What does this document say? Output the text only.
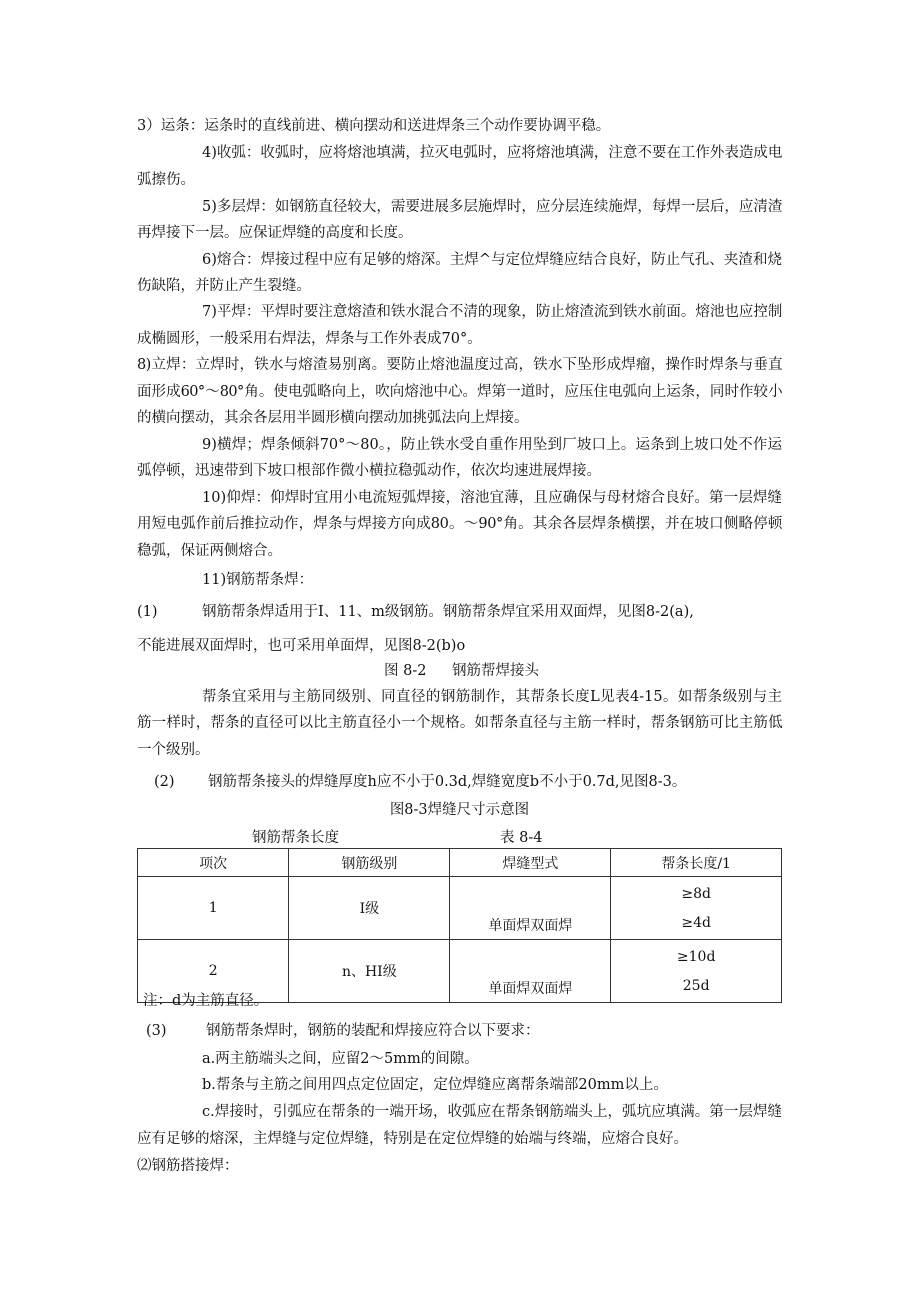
3）运条：运条时的直线前进、横向摆动和送进焊条三个动作要协调平稳。
4)收弧：收弧时，应将熔池填满，拉灭电弧时，应将熔池填满，注意不要在工作外表造成电
弧擦伤。
5)多层焊：如钢筋直径较大，需要进展多层施焊时，应分层连续施焊，每焊一层后，应清渣
再焊接下一层。应保证焊缝的高度和长度。
6)熔合：焊接过程中应有足够的熔深。主焊^与定位焊缝应结合良好，防止气孔、夹渣和烧
伤缺陷，并防止产生裂缝。
7)平焊：平焊时要注意熔渣和铁水混合不清的现象，防止熔渣流到铁水前面。熔池也应控制
成椭圆形，一般采用右焊法，焊条与工作外表成70°。
8)立焊：立焊时，铁水与熔渣易别离。要防止熔池温度过高，铁水下坠形成焊瘤，操作时焊条与垂直
面形成60°～80°角。使电弧略向上，吹向熔池中心。焊第一道时，应压住电弧向上运条，同时作较小
的横向摆动，其余各层用半圆形横向摆动加挑弧法向上焊接。
9)横焊；焊条倾斜70°～80。，防止铁水受自重作用坠到厂坡口上。运条到上坡口处不作运
弧停顿，迅速带到下坡口根部作微小横拉稳弧动作，依次均速进展焊接。
10)仰焊：仰焊时宜用小电流短弧焊接，溶池宜薄，且应确保与母材熔合良好。第一层焊缝
用短电弧作前后推拉动作，焊条与焊接方向成80。～90°角。其余各层焊条横摆，并在坡口侧略停顿
稳弧，保证两侧熔合。
11)钢筋帮条焊：
(1)	钢筋帮条焊适用于I、11、m级钢筋。钢筋帮条焊宜采用双面焊，见图8-2(a),
不能进展双面焊时，也可采用单面焊，见图8-2(b)o
图 8-2	钢筋帮焊接头
帮条宜采用与主筋同级别、同直径的钢筋制作，其帮条长度L见表4-15。如帮条级别与主
筋一样时，帮条的直径可以比主筋直径小一个规格。如帮条直径与主筋一样时，帮条钢筋可比主筋低
一个级别。
(2)	钢筋帮条接头的焊缝厚度h应不小于0.3d,焊缝宽度b不小于0.7d,见图8-3。
图8-3焊缝尺寸示意图
钢筋帮条长度	表 8-4
项次	钢筋级别	焊缝型式	帮条长度/1
1	I级	单面焊双面焊	≥8d
≥4d

2	n、HI级	单面焊双面焊	≥10d
25d
注：d为主筋直径。
(3)	钢筋帮条焊时，钢筋的装配和焊接应符合以下要求：
a.两主筋端头之间，应留2～5mm的间隙。
b.帮条与主筋之间用四点定位固定，定位焊缝应离帮条端部20mm以上。
c.焊接时，引弧应在帮条的一端开场，收弧应在帮条钢筋端头上，弧坑应填满。第一层焊缝
应有足够的熔深，主焊缝与定位焊缝，特别是在定位焊缝的始端与终端，应熔合良好。
⑵钢筋搭接焊：
